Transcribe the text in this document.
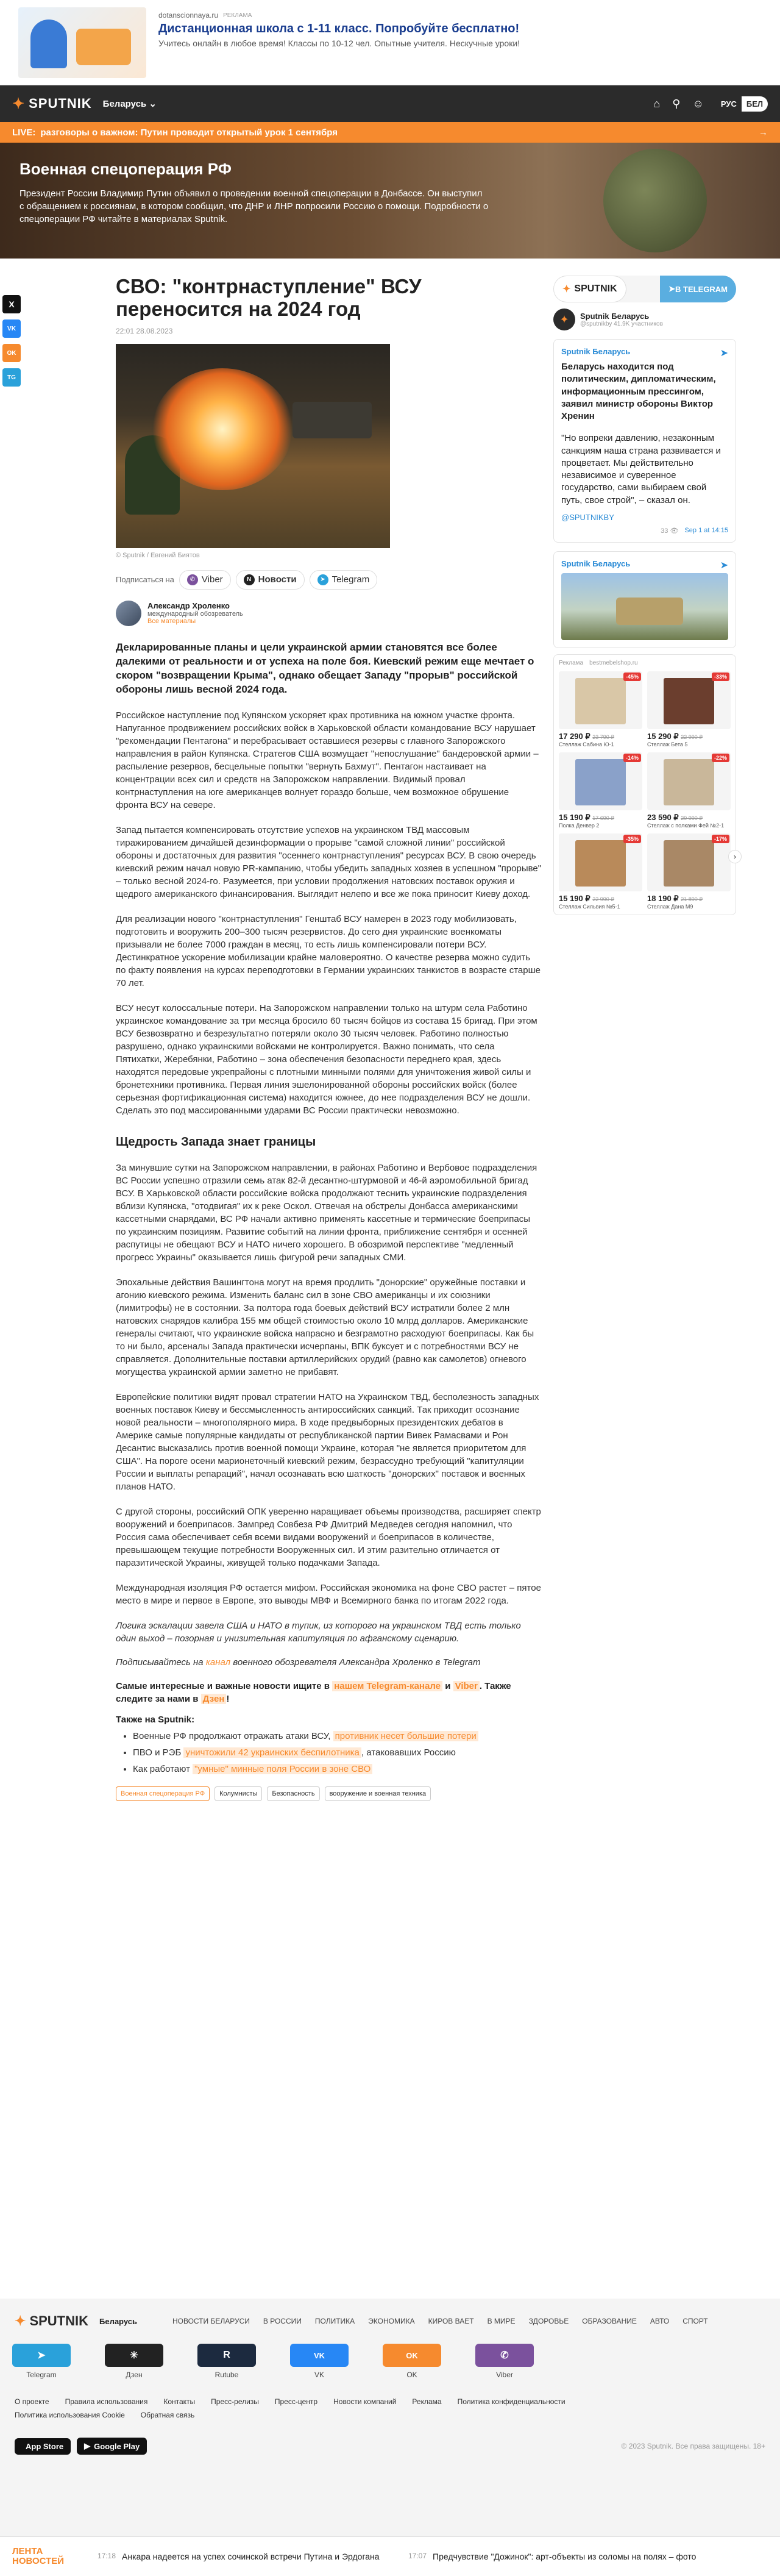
dotanscionnaya.ru РЕКЛАМА
Дистанционная школа с 1-11 класс. Попробуйте бесплатно!
Учитесь онлайн в любое время! Классы по 10-12 чел. Опытные учителя. Нескучные уроки!
✦ SPUTNIK Беларусь ⌄	⌂ ⚲ ☺	РУС	БЕЛ
LIVE: разговоры о важном: Путин проводит открытый урок 1 сентября	→
Военная спецоперация РФ

Президент России Владимир Путин объявил о проведении военной спецоперации в Донбассе. Он выступил с обращением к россиянам, в котором сообщил, что ДНР и ЛНР попросили Россию о помощи. Подробности о спецоперации РФ читайте в материалах Sputnik.

X
VK
OK
TG
СВО: "контрнаступление" ВСУ переносится на 2024 год
22:01 28.08.2023
© Sputnik / Евгений Биятов
Подписаться на	✆ Viber	N Новости	➤ Telegram
Александр Хроленко
международный обозреватель
Все материалы

Декларированные планы и цели украинской армии становятся все более далекими от реальности и от успеха на поле боя. Киевский режим еще мечтает о скором "возвращении Крыма", однако обещает Западу "прорыв" российской обороны лишь весной 2024 года.

Российское наступление под Купянском ускоряет крах противника на южном участке фронта. Напуганное продвижением российских войск в Харьковской области командование ВСУ нарушает "рекомендации Пентагона" и перебрасывает оставшиеся резервы с главного Запорожского направления в район Купянска. Стратегов США возмущает "непослушание" бандеровской армии – распыление резервов, бесцельные попытки "вернуть Бахмут". Пентагон настаивает на концентрации всех сил и средств на Запорожском направлении. Видимый провал контрнаступления на юге американцев волнует гораздо больше, чем возможное обрушение фронта ВСУ на севере.

Запад пытается компенсировать отсутствие успехов на украинском ТВД массовым тиражированием дичайшей дезинформации о прорыве "самой сложной линии" российской обороны и достаточных для развития "осеннего контрнаступления" ресурсах ВСУ. В свою очередь киевский режим начал новую PR-кампанию, чтобы убедить западных хозяев в успешном "прорыве" – только весной 2024-го. Разумеется, при условии продолжения натовских поставок оружия и щедрого американского финансирования. Выглядит нелепо и все же пока приносит Киеву доход.

Для реализации нового "контрнаступления" Генштаб ВСУ намерен в 2023 году мобилизовать, подготовить и вооружить 200–300 тысяч резервистов. До сего дня украинские военкоматы призывали не более 7000 граждан в месяц, то есть лишь компенсировали потери ВСУ. Дестинкратное ускорение мобилизации крайне маловероятно. О качестве резерва можно судить по факту появления на курсах переподготовки в Германии украинских танкистов в возрасте старше 70 лет.

ВСУ несут колоссальные потери. На Запорожском направлении только на штурм села Работино украинское командование за три месяца бросило 60 тысяч бойцов из состава 15 бригад. При этом ВСУ безвозвратно и безрезультатно потеряли около 30 тысяч человек. Работино полностью разрушено, однако украинскими войсками не контролируется. Важно понимать, что села Пятихатки, Жеребянки, Работино – зона обеспечения безопасности переднего края, здесь находятся передовые укрепрайоны с плотными минными полями для уничтожения живой силы и бронетехники противника. Первая линия эшелонированной обороны российских войск (более серьезная фортификационная система) находится южнее, до нее подразделения ВСУ не дошли. Сделать это под массированными ударами ВС России практически невозможно.

Щедрость Запада знает границы

За минувшие сутки на Запорожском направлении, в районах Работино и Вербовое подразделения ВС России успешно отразили семь атак 82-й десантно-штурмовой и 46-й аэромобильной бригад ВСУ. В Харьковской области российские войска продолжают теснить украинские подразделения вблизи Купянска, "отодвигая" их к реке Оскол. Отвечая на обстрелы Донбасса американскими кассетными снарядами, ВС РФ начали активно применять кассетные и термические боеприпасы по украинским позициям. Развитие событий на линии фронта, приближение сентября и осенней распутицы не обещают ВСУ и НАТО ничего хорошего. В обозримой перспективе "медленный прогресс Украины" оказывается лишь фигурой речи западных СМИ.

Эпохальные действия Вашингтона могут на время продлить "донорские" оружейные поставки и агонию киевского режима. Изменить баланс сил в зоне СВО американцы и их союзники (лимитрофы) не в состоянии. За полтора года боевых действий ВСУ истратили более 2 млн натовских снарядов калибра 155 мм общей стоимостью около 10 млрд долларов. Американские генералы считают, что украинские войска напрасно и безграмотно расходуют боеприпасы. Как бы то ни было, арсеналы Запада практически исчерпаны, ВПК буксует и с потребностями ВСУ не справляется. Дополнительные поставки артиллерийских орудий (равно как самолетов) огневого могущества украинской армии заметно не прибавят.

Европейские политики видят провал стратегии НАТО на Украинском ТВД, бесполезность западных военных поставок Киеву и бессмысленность антироссийских санкций. Так приходит осознание новой реальности – многополярного мира. В ходе предвыборных президентских дебатов в Америке самые популярные кандидаты от республиканской партии Вивек Рамасвами и Рон Десантис высказались против военной помощи Украине, которая "не является приоритетом для США". На пороге осени марионеточный киевский режим, безрассудно требующий "капитуляции России и выплаты репараций", начал осознавать всю шаткость "донорских" поставок и военных планов НАТО.

С другой стороны, российский ОПК уверенно наращивает объемы производства, расширяет спектр вооружений и боеприпасов. Зампред Совбеза РФ Дмитрий Медведев сегодня напомнил, что Россия сама обеспечивает себя всеми видами вооружений и боеприпасов в количестве, превышающем текущие потребности Вооруженных сил. И этим разительно отличается от паразитической Украины, живущей только подачками Запада.

Международная изоляция РФ остается мифом. Российская экономика на фоне СВО растет – пятое место в мире и первое в Европе, это выводы МВФ и Всемирного банка по итогам 2022 года.

Логика эскалации завела США и НАТО в тупик, из которого на украинском ТВД есть только один выход – позорная и унизительная капитуляция по афганскому сценарию.

Подписывайтесь на канал военного обозревателя Александра Хроленко в Telegram

Самые интересные и важные новости ищите в нашем Telegram-канале и Viber . Также следите за нами в Дзен !

Также на Sputnik:
• Военные РФ продолжают отражать атаки ВСУ, противник несет большие потери
• ПВО и РЭБ уничтожили 42 украинских беспилотника , атаковавших Россию
• Как работают "умные" минные поля России в зоне СВО
Военная спецоперация РФ	Колумнисты	Безопасность	вооружение и военная техника
✦ SPUTNIK	➤ В TELEGRAM
✦	Sputnik Беларусь
@sputnikby 41.9K участников
Sputnik Беларусь	➤
Беларусь находится под политическим, дипломатическим, информационным прессингом, заявил министр обороны Виктор Хренин
"Но вопреки давлению, незаконным санкциям наша страна развивается и процветает. Мы действительно независимое и суверенное государство, сами выбираем свой путь, свое строй", – сказал он.
@SPUTNIKBY
33 👁 Sep 1 at 14:15
Sputnik Беларусь	➤
Реклама bestmebelshop.ru
-45%
17 290 ₽ 23 790 ₽
Стеллаж Сабина Ю-1
-33%
15 290 ₽ 22 990 ₽
Стеллаж Бета 5
-14%
15 190 ₽ 17 690 ₽
Полка Денвер 2
-22%
23 590 ₽ 29 990 ₽
Стеллаж с полками Фей №2-1
-35%
15 190 ₽ 22 990 ₽
Стеллаж Сильвия №5-1
-17%
18 190 ₽ 21 890 ₽
Стеллаж Дана М9
›
✦ SPUTNIK Беларусь	НОВОСТИ БЕЛАРУСИ В РОССИИ ПОЛИТИКА ЭКОНОМИКА КИРОВ ВАЕТ В МИРЕ ЗДОРОВЬЕ ОБРАЗОВАНИЕ АВТО СПОРТ
➤
Telegram
✳
Дзен
R
Rutube
VK
VK
OK
OK
✆
Viber
О проекте Правила использования Контакты Пресс-релизы Пресс-центр Новости компаний Реклама Политика конфиденциальности
Политика использования Cookie Обратная связь
App Store	▶ Google Play	© 2023 Sputnik. Все права защищены. 18+
ЛЕНТА НОВОСТЕЙ	17:18 Анкара надеется на успех сочинской встречи Путина и Эрдогана	17:07 Предчувствие "Дожинок": арт-объекты из соломы на полях – фото
